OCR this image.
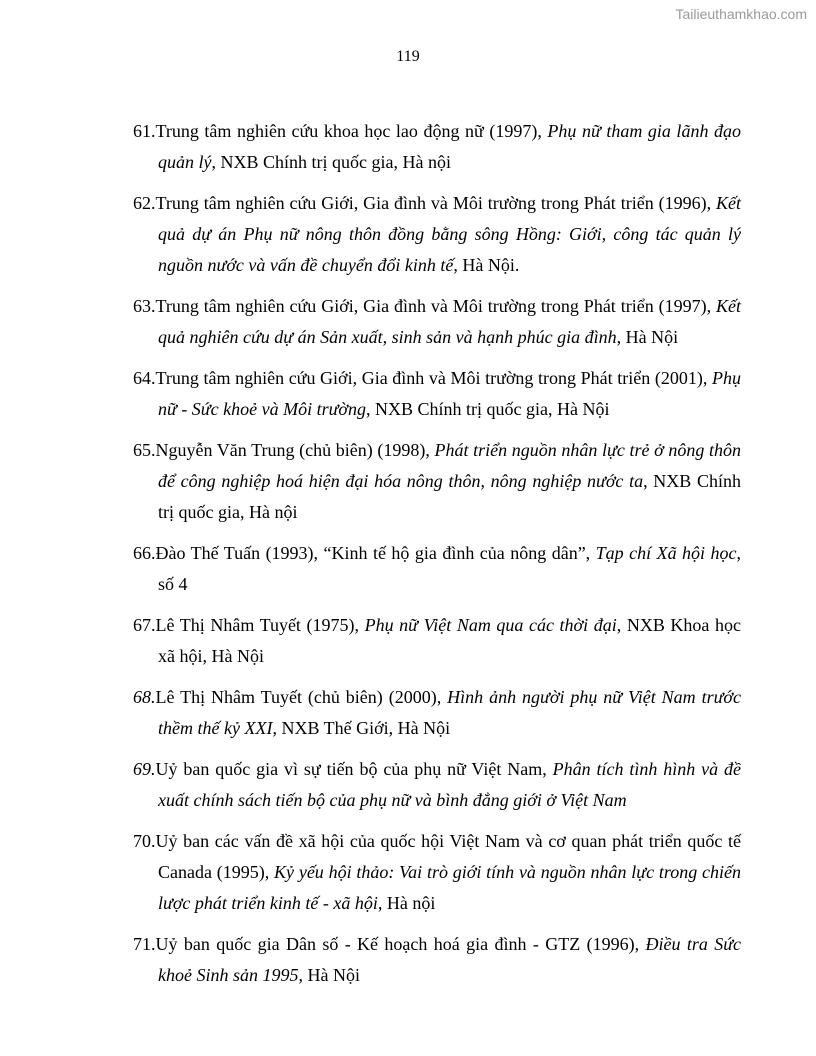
Tailieuthamkhao.com
119
61.Trung tâm nghiên cứu khoa học lao động nữ (1997), Phụ nữ tham gia lãnh đạo quản lý, NXB Chính trị quốc gia, Hà nội
62.Trung tâm nghiên cứu Giới, Gia đình và Môi trường trong Phát triển (1996), Kết quả dự án Phụ nữ nông thôn đồng bằng sông Hồng: Giới, công tác quản lý nguồn nước và vấn đề chuyển đổi kinh tế, Hà Nội.
63.Trung tâm nghiên cứu Giới, Gia đình và Môi trường trong Phát triển (1997), Kết quả nghiên cứu dự án Sản xuất, sinh sản và hạnh phúc gia đình, Hà Nội
64.Trung tâm nghiên cứu Giới, Gia đình và Môi trường trong Phát triển (2001), Phụ nữ - Sức khoẻ và Môi trường, NXB Chính trị quốc gia, Hà Nội
65.Nguyễn Văn Trung (chủ biên) (1998), Phát triển nguồn nhân lực trẻ ở nông thôn để công nghiệp hoá hiện đại hóa nông thôn, nông nghiệp nước ta, NXB Chính trị quốc gia, Hà nội
66.Đào Thế Tuấn (1993), “Kinh tế hộ gia đình của nông dân”, Tạp chí Xã hội học, số 4
67.Lê Thị Nhâm Tuyết (1975), Phụ nữ Việt Nam qua các thời đại, NXB Khoa học xã hội, Hà Nội
68.Lê Thị Nhâm Tuyết (chủ biên) (2000), Hình ảnh người phụ nữ Việt Nam trước thềm thế kỷ XXI, NXB Thế Giới, Hà Nội
69.Uỷ ban quốc gia vì sự tiến bộ của phụ nữ Việt Nam, Phân tích tình hình và đề xuất chính sách tiến bộ của phụ nữ và bình đẳng giới ở Việt Nam
70.Uỷ ban các vấn đề xã hội của quốc hội Việt Nam và cơ quan phát triển quốc tế Canada (1995), Kỷ yếu hội thảo: Vai trò giới tính và nguồn nhân lực trong chiến lược phát triển kinh tế - xã hội, Hà nội
71.Uỷ ban quốc gia Dân số - Kế hoạch hoá gia đình - GTZ (1996), Điều tra Sức khoẻ Sinh sản 1995, Hà Nội
